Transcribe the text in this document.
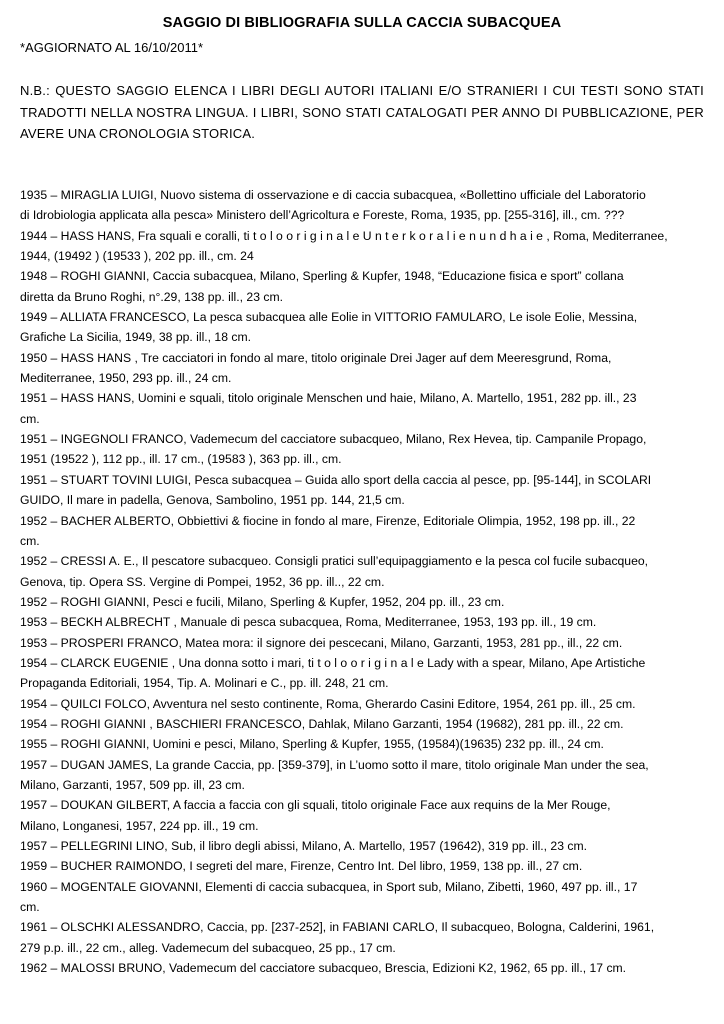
SAGGIO DI BIBLIOGRAFIA SULLA CACCIA SUBACQUEA
*AGGIORNATO AL 16/10/2011*
N.B.: QUESTO SAGGIO ELENCA I LIBRI DEGLI AUTORI ITALIANI E/O STRANIERI I CUI TESTI SONO STATI TRADOTTI NELLA NOSTRA LINGUA. I LIBRI, SONO STATI CATALOGATI PER ANNO DI PUBBLICAZIONE, PER AVERE UNA CRONOLOGIA STORICA.
1935 – MIRAGLIA LUIGI, Nuovo sistema di osservazione e di caccia subacquea, «Bollettino ufficiale del Laboratorio
di Idrobiologia applicata alla pesca» Ministero dell’Agricoltura e Foreste, Roma, 1935, pp. [255-316], ill., cm. ???
1944 – HASS HANS, Fra squali e coralli, ti t o l o o r i g i n a l e U n t e r k o r a l i e n u n d h a i e , Roma, Mediterranee,
1944, (19492 ) (19533 ), 202 pp. ill., cm. 24
1948 – ROGHI GIANNI, Caccia subacquea, Milano, Sperling & Kupfer, 1948, “Educazione fisica e sport” collana
diretta da Bruno Roghi, n°.29, 138 pp. ill., 23 cm.
1949 – ALLIATA FRANCESCO, La pesca subacquea alle Eolie in VITTORIO FAMULARO, Le isole Eolie, Messina,
Grafiche La Sicilia, 1949, 38 pp. ill., 18 cm.
1950 – HASS HANS , Tre cacciatori in fondo al mare, titolo originale Drei Jager auf dem Meeresgrund, Roma,
Mediterranee, 1950, 293 pp. ill., 24 cm.
1951 – HASS HANS, Uomini e squali, titolo originale Menschen und haie, Milano, A. Martello, 1951, 282 pp. ill., 23
cm.
1951 – INGEGNOLI FRANCO, Vademecum del cacciatore subacqueo, Milano, Rex Hevea, tip. Campanile Propago,
1951 (19522 ), 112 pp., ill. 17 cm., (19583 ), 363 pp. ill., cm.
1951 – STUART TOVINI LUIGI, Pesca subacquea – Guida allo sport della caccia al pesce, pp. [95-144], in SCOLARI
GUIDO, Il mare in padella, Genova, Sambolino, 1951 pp. 144, 21,5 cm.
1952 – BACHER ALBERTO, Obbiettivi & fiocine in fondo al mare, Firenze, Editoriale Olimpia, 1952, 198 pp. ill., 22
cm.
1952 – CRESSI A. E., Il pescatore subacqueo. Consigli pratici sull’equipaggiamento e la pesca col fucile subacqueo,
Genova, tip. Opera SS. Vergine di Pompei, 1952, 36 pp. ill.., 22 cm.
1952 – ROGHI GIANNI, Pesci e fucili, Milano, Sperling & Kupfer, 1952, 204 pp. ill., 23 cm.
1953 – BECKH ALBRECHT , Manuale di pesca subacquea, Roma, Mediterranee, 1953, 193 pp. ill., 19 cm.
1953 – PROSPERI FRANCO, Matea mora: il signore dei pescecani, Milano, Garzanti, 1953, 281 pp., ill., 22 cm.
1954 – CLARCK EUGENIE , Una donna sotto i mari, ti t o l o o r i g i n a l e Lady with a spear, Milano, Ape Artistiche
Propaganda Editoriali, 1954, Tip. A. Molinari e C., pp. ill. 248, 21 cm.
1954 – QUILCI FOLCO, Avventura nel sesto continente, Roma, Gherardo Casini Editore, 1954, 261 pp. ill., 25 cm.
1954 – ROGHI GIANNI , BASCHIERI FRANCESCO, Dahlak, Milano Garzanti, 1954 (19682), 281 pp. ill., 22 cm.
1955 – ROGHI GIANNI, Uomini e pesci, Milano, Sperling & Kupfer, 1955, (19584)(19635) 232 pp. ill., 24 cm.
1957 – DUGAN JAMES, La grande Caccia, pp. [359-379], in L’uomo sotto il mare, titolo originale Man under the sea,
Milano, Garzanti, 1957, 509 pp. ill, 23 cm.
1957 – DOUKAN GILBERT, A faccia a faccia con gli squali, titolo originale Face aux requins de la Mer Rouge,
Milano, Longanesi, 1957, 224 pp. ill., 19 cm.
1957 – PELLEGRINI LINO, Sub, il libro degli abissi, Milano, A. Martello, 1957 (19642), 319 pp. ill., 23 cm.
1959 – BUCHER RAIMONDO, I segreti del mare, Firenze, Centro Int. Del libro, 1959, 138 pp. ill., 27 cm.
1960 – MOGENTALE GIOVANNI, Elementi di caccia subacquea, in Sport sub, Milano, Zibetti, 1960, 497 pp. ill., 17
cm.
1961 – OLSCHKI ALESSANDRO, Caccia, pp. [237-252], in FABIANI CARLO, Il subacqueo, Bologna, Calderini, 1961,
279 p.p. ill., 22 cm., alleg. Vademecum del subacqueo, 25 pp., 17 cm.
1962 – MALOSSI BRUNO, Vademecum del cacciatore subacqueo, Brescia, Edizioni K2, 1962, 65 pp. ill., 17 cm.
